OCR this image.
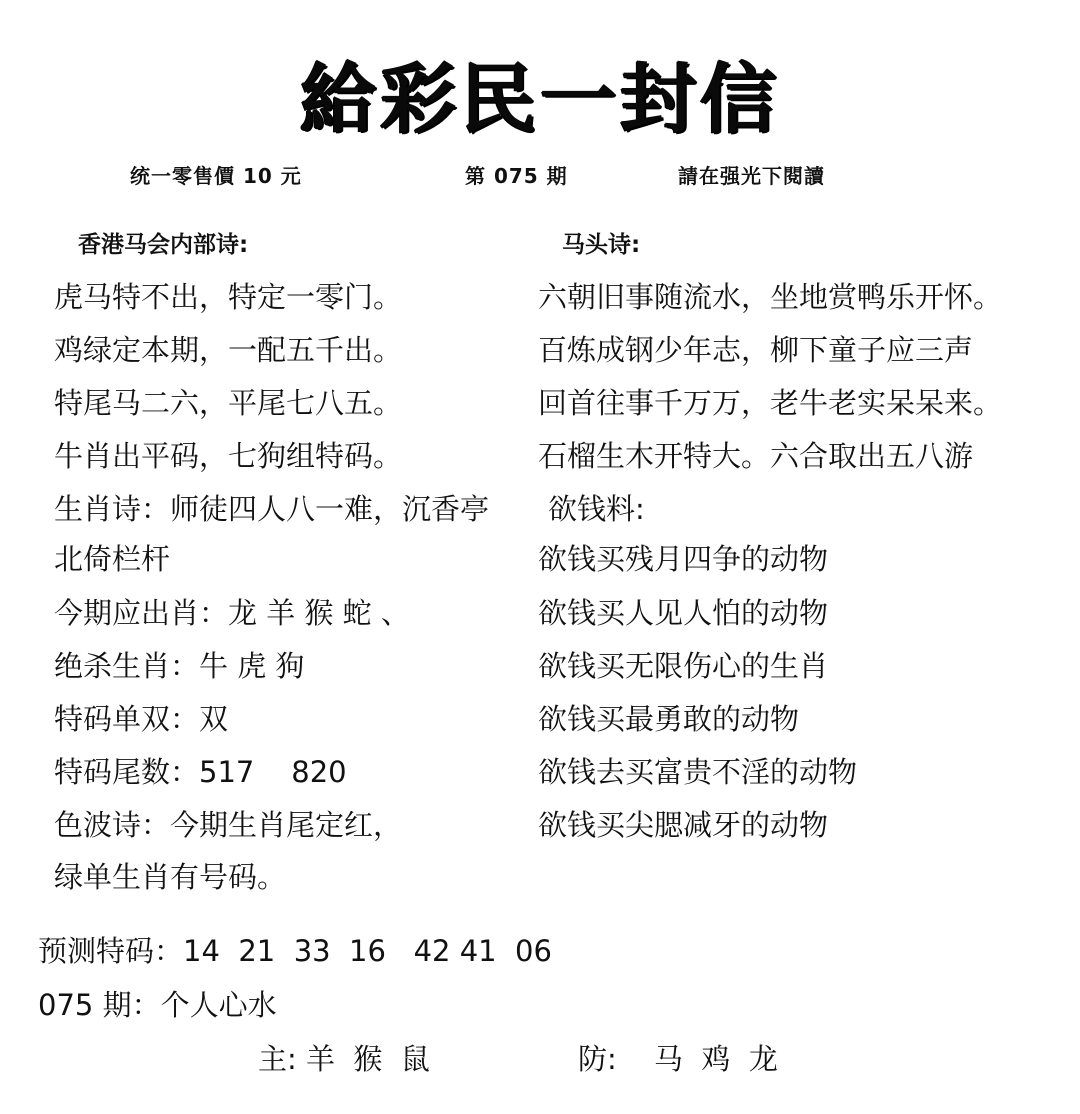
給彩民一封信
统一零售價 10 元	第 075 期	請在强光下閱讀
香港马会内部诗:
虎马特不出，特定一零门。
鸡绿定本期，一配五千出。
特尾马二六，平尾七八五。
牛肖出平码，七狗组特码。
生肖诗：师徒四人八一难，沉香亭
北倚栏杆
今期应出肖：龙 羊 猴 蛇 、
绝杀生肖：牛 虎 狗
特码单双：双
特码尾数：517    820
色波诗：今期生肖尾定红，
绿单生肖有号码。
马头诗:
六朝旧事随流水，坐地赏鸭乐开怀。
百炼成钢少年志，柳下童子应三声
回首往事千万万，老牛老实呆呆来。
石榴生木开特大。六合取出五八游
欲钱料:
欲钱买残月四争的动物
欲钱买人见人怕的动物
欲钱买无限伤心的生肖
欲钱买最勇敢的动物
欲钱去买富贵不淫的动物
欲钱买尖腮减牙的动物
预测特码：14  21  33  16   42 41  06
075 期：个人心水
主: 羊  猴  鼠	防: 马  鸡  龙
